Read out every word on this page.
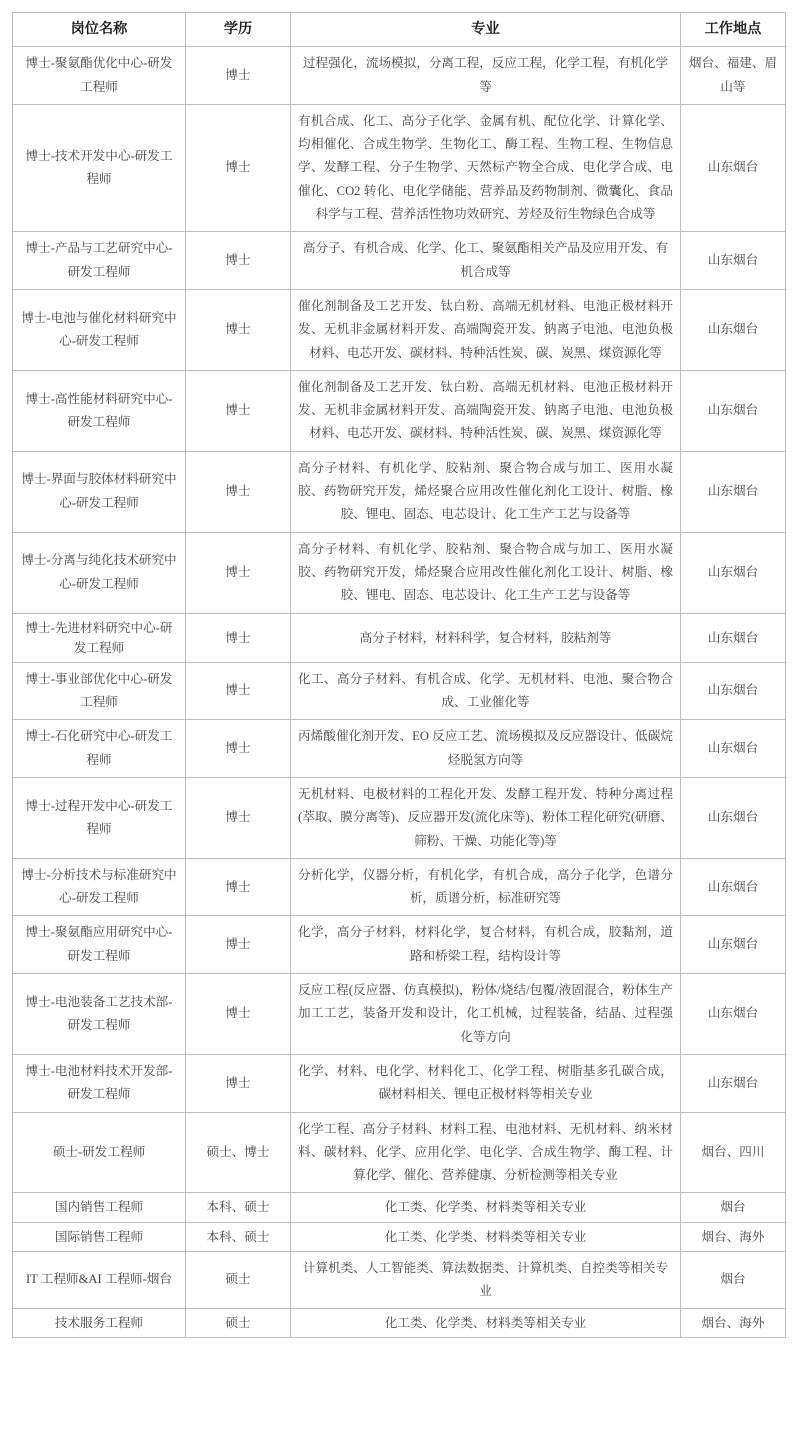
岗位名称	学历	专业	工作地点
博士-聚氨酯优化中心-研发工程师	博士	过程强化，流场模拟，分离工程，反应工程，化学工程，有机化学等	烟台、福建、眉山等
博士-技术开发中心-研发工程师	博士	有机合成、化工、高分子化学、金属有机、配位化学、计算化学、均相催化、合成生物学、生物化工、酶工程、生物工程、生物信息学、发酵工程、分子生物学、天然标产物全合成、电化学合成、电催化、CO2 转化、电化学储能、营养品及药物制剂、微囊化、食品科学与工程、营养活性物功效研究、芳烃及衍生物绿色合成等	山东烟台
博士-产品与工艺研究中心-研发工程师	博士	高分子、有机合成、化学、化工、聚氨酯相关产品及应用开发、有机合成等	山东烟台
博士-电池与催化材料研究中心-研发工程师	博士	催化剂制备及工艺开发、钛白粉、高端无机材料、电池正极材料开发、无机非金属材料开发、高端陶瓷开发、钠离子电池、电池负极材料、电芯开发、碳材料、特种活性炭、碳、炭黑、煤资源化等	山东烟台
博士-高性能材料研究中心-研发工程师	博士	催化剂制备及工艺开发、钛白粉、高端无机材料、电池正极材料开发、无机非金属材料开发、高端陶瓷开发、钠离子电池、电池负极材料、电芯开发、碳材料、特种活性炭、碳、炭黑、煤资源化等	山东烟台
博士-界面与胶体材料研究中心-研发工程师	博士	高分子材料、有机化学、胶粘剂、聚合物合成与加工、医用水凝胶、药物研究开发，烯烃聚合应用改性催化剂化工设计、树脂、橡胶、锂电、固态、电芯设计、化工生产工艺与设备等	山东烟台
博士-分离与纯化技术研究中心-研发工程师	博士	高分子材料、有机化学、胶粘剂、聚合物合成与加工、医用水凝胶、药物研究开发，烯烃聚合应用改性催化剂化工设计、树脂、橡胶、锂电、固态、电芯设计、化工生产工艺与设备等	山东烟台
博士-先进材料研究中心-研发工程师	博士	高分子材料，材料科学，复合材料，胶粘剂等	山东烟台
博士-事业部优化中心-研发工程师	博士	化工、高分子材料、有机合成、化学、无机材料、电池、聚合物合成、工业催化等	山东烟台
博士-石化研究中心-研发工程师	博士	丙烯酸催化剂开发、EO 反应工艺、流场模拟及反应器设计、低碳烷烃脱氢方向等	山东烟台
博士-过程开发中心-研发工程师	博士	无机材料、电极材料的工程化开发、发酵工程开发、特种分离过程(萃取、膜分离等)、反应器开发(流化床等)、粉体工程化研究(研磨、筛粉、干燥、功能化等)等	山东烟台
博士-分析技术与标准研究中心-研发工程师	博士	分析化学，仪器分析，有机化学，有机合成，高分子化学，色谱分析，质谱分析，标准研究等	山东烟台
博士-聚氨酯应用研究中心-研发工程师	博士	化学，高分子材料，材料化学，复合材料，有机合成，胶黏剂，道路和桥梁工程，结构设计等	山东烟台
博士-电池装备工艺技术部-研发工程师	博士	反应工程(反应器、仿真模拟)，粉体/烧结/包覆/液固混合，粉体生产加工工艺，装备开发和设计，化工机械，过程装备，结晶、过程强化等方向	山东烟台
博士-电池材料技术开发部-研发工程师	博士	化学、材料、电化学、材料化工、化学工程、树脂基多孔碳合成，碳材料相关、锂电正极材料等相关专业	山东烟台
硕士-研发工程师	硕士、博士	化学工程、高分子材料、材料工程、电池材料、无机材料、纳米材料、碳材料、化学、应用化学、电化学、合成生物学、酶工程、计算化学、催化、营养健康、分析检测等相关专业	烟台、四川
国内销售工程师	本科、硕士	化工类、化学类、材料类等相关专业	烟台
国际销售工程师	本科、硕士	化工类、化学类、材料类等相关专业	烟台、海外
IT 工程师&AI 工程师-烟台	硕士	计算机类、人工智能类、算法数据类、计算机类、自控类等相关专业	烟台
技术服务工程师	硕士	化工类、化学类、材料类等相关专业	烟台、海外
